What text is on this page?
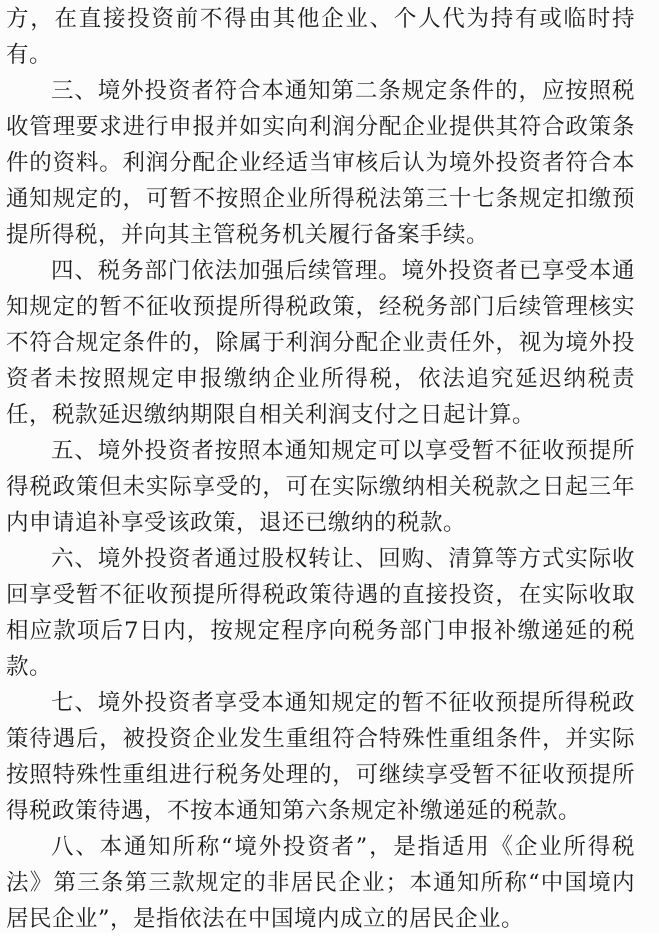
方，在直接投资前不得由其他企业、个人代为持有或临时持有。

三、境外投资者符合本通知第二条规定条件的，应按照税收管理要求进行申报并如实向利润分配企业提供其符合政策条件的资料。利润分配企业经适当审核后认为境外投资者符合本通知规定的，可暂不按照企业所得税法第三十七条规定扣缴预提所得税，并向其主管税务机关履行备案手续。

四、税务部门依法加强后续管理。境外投资者已享受本通知规定的暂不征收预提所得税政策，经税务部门后续管理核实不符合规定条件的，除属于利润分配企业责任外，视为境外投资者未按照规定申报缴纳企业所得税，依法追究延迟纳税责任，税款延迟缴纳期限自相关利润支付之日起计算。

五、境外投资者按照本通知规定可以享受暂不征收预提所得税政策但未实际享受的，可在实际缴纳相关税款之日起三年内申请追补享受该政策，退还已缴纳的税款。

六、境外投资者通过股权转让、回购、清算等方式实际收回享受暂不征收预提所得税政策待遇的直接投资，在实际收取相应款项后7日内，按规定程序向税务部门申报补缴递延的税款。

七、境外投资者享受本通知规定的暂不征收预提所得税政策待遇后，被投资企业发生重组符合特殊性重组条件，并实际按照特殊性重组进行税务处理的，可继续享受暂不征收预提所得税政策待遇，不按本通知第六条规定补缴递延的税款。

八、本通知所称“境外投资者”，是指适用《企业所得税法》第三条第三款规定的非居民企业；本通知所称“中国境内居民企业”，是指依法在中国境内成立的居民企业。
